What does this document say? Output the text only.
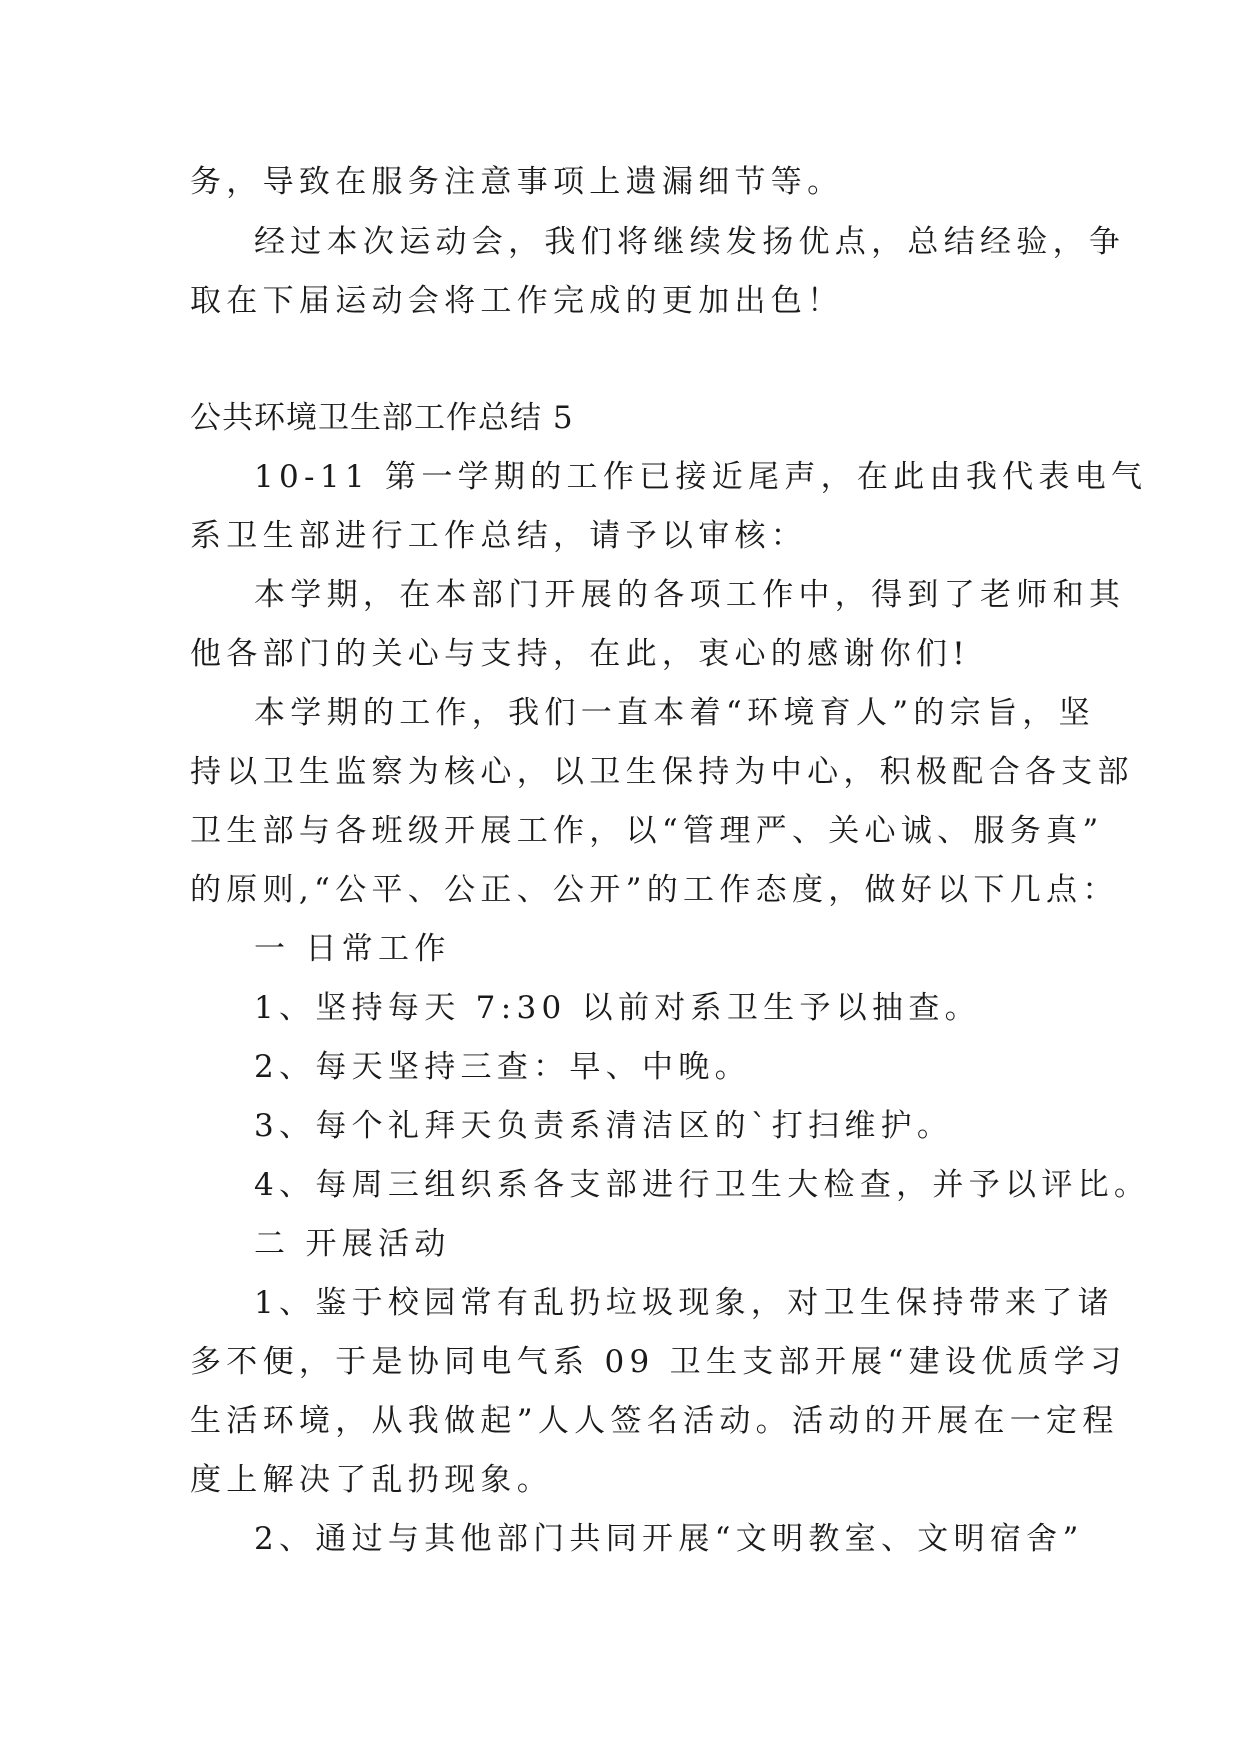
务，导致在服务注意事项上遗漏细节等。
经过本次运动会，我们将继续发扬优点，总结经验，争
取在下届运动会将工作完成的更加出色！
公共环境卫生部工作总结 5
10-11 第一学期的工作已接近尾声，在此由我代表电气
系卫生部进行工作总结，请予以审核：
本学期，在本部门开展的各项工作中，得到了老师和其
他各部门的关心与支持，在此，衷心的感谢你们!
本学期的工作，我们一直本着“环境育人”的宗旨，坚
持以卫生监察为核心，以卫生保持为中心，积极配合各支部
卫生部与各班级开展工作，以“管理严、关心诚、服务真”
的原则,“公平、公正、公开”的工作态度，做好以下几点：
一 日常工作
1、坚持每天 7:30 以前对系卫生予以抽查。
2、每天坚持三查：早、中晚。
3、每个礼拜天负责系清洁区的`打扫维护。
4、每周三组织系各支部进行卫生大检查，并予以评比。
二 开展活动
1、鉴于校园常有乱扔垃圾现象，对卫生保持带来了诸
多不便，于是协同电气系 09 卫生支部开展“建设优质学习
生活环境，从我做起”人人签名活动。活动的开展在一定程
度上解决了乱扔现象。
2、通过与其他部门共同开展“文明教室、文明宿舍”
